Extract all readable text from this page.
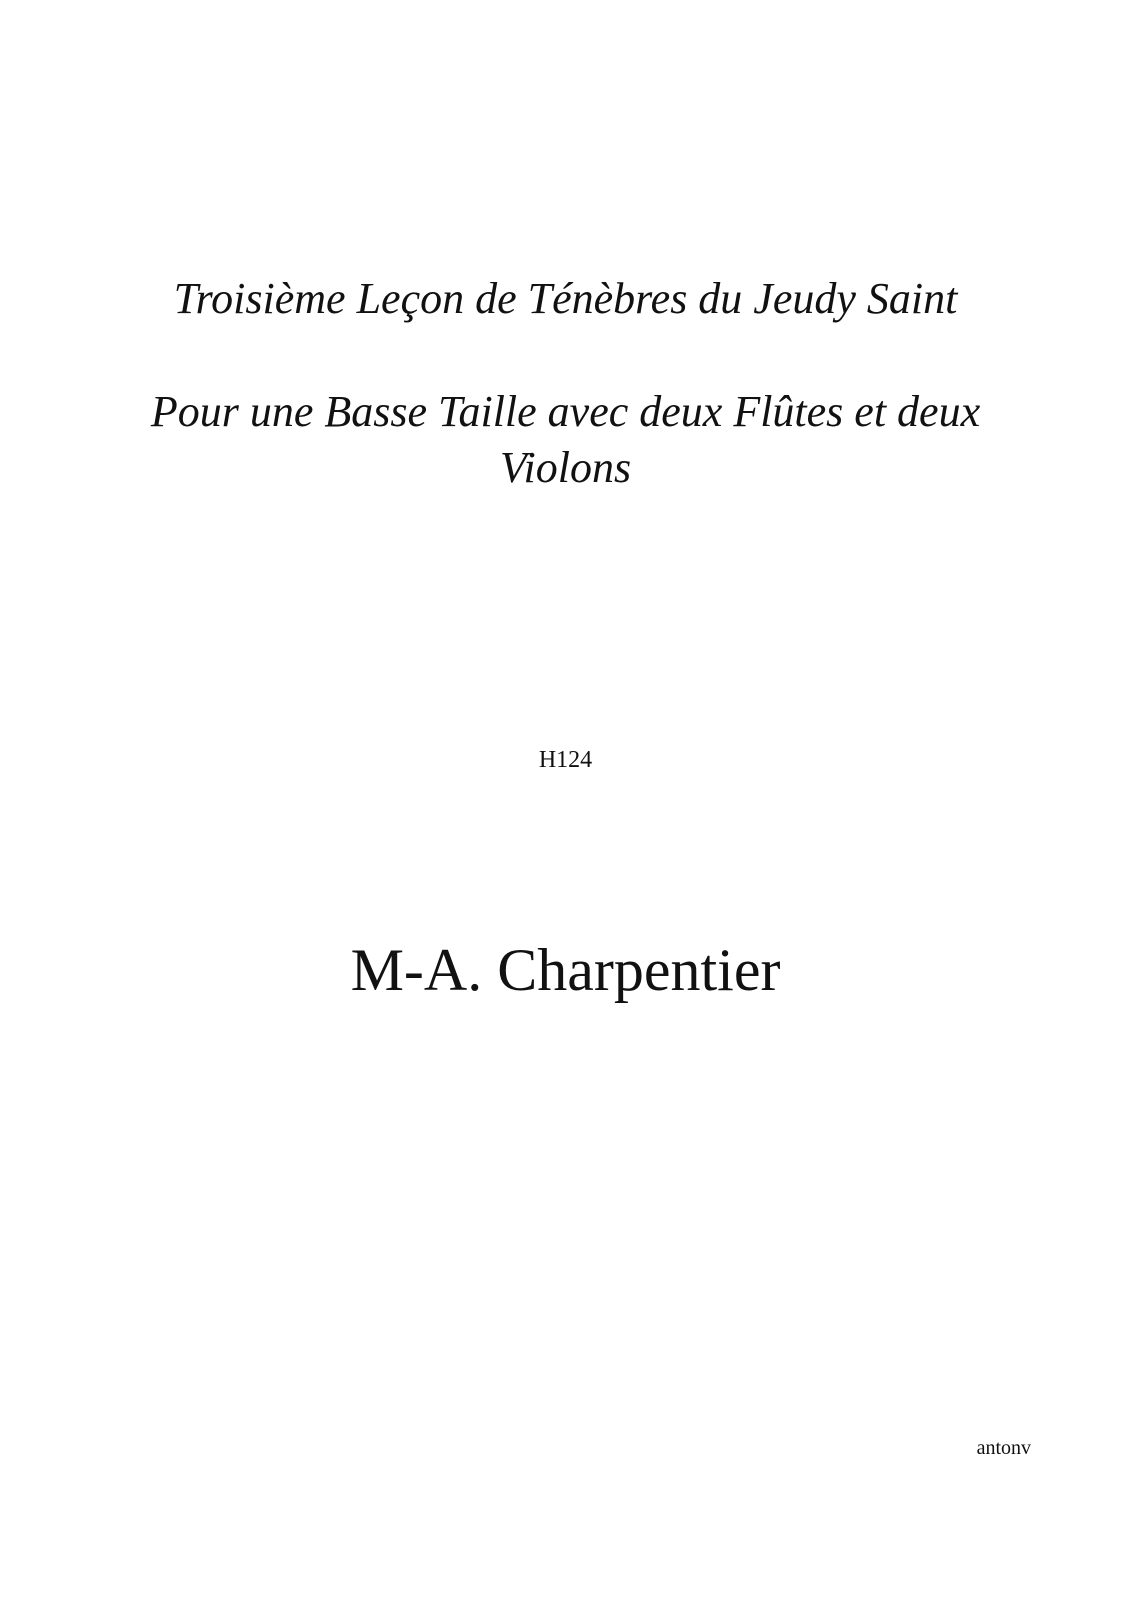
Troisième Leçon de Ténèbres du Jeudy Saint

Pour une Basse Taille avec deux Flûtes et deux Violons

H124

M-A. Charpentier

antonv
